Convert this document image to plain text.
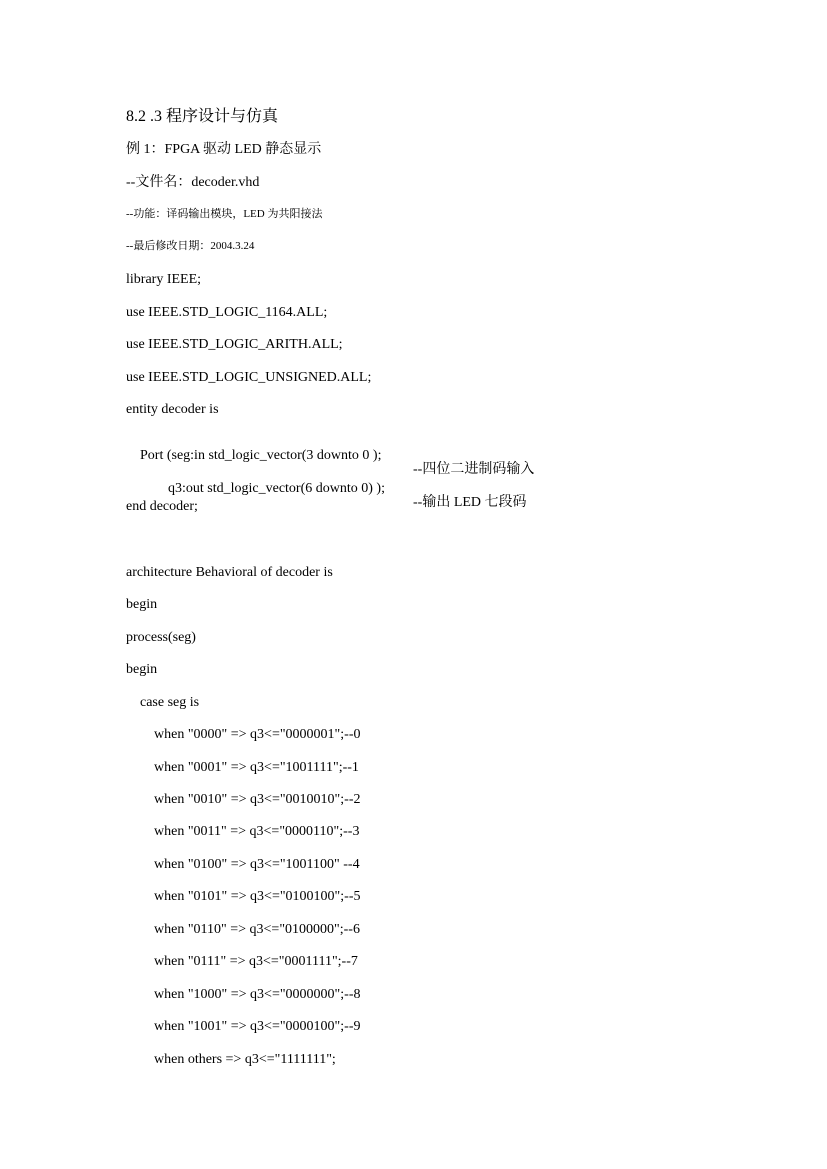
8.2 .3 程序设计与仿真
例 1：FPGA 驱动 LED 静态显示
--文件名：decoder.vhd
--功能：译码输出模块，LED 为共阳接法
--最后修改日期：2004.3.24
library IEEE;
use IEEE.STD_LOGIC_1164.ALL;
use IEEE.STD_LOGIC_ARITH.ALL;
use IEEE.STD_LOGIC_UNSIGNED.ALL;
entity decoder is

Port (seg:in std_logic_vector(3 downto 0 );

--四位二进制码输入

q3:out std_logic_vector(6 downto 0) );

--输出 LED 七段码

end decoder;
architecture Behavioral of decoder is
begin
process(seg)
begin
case seg is
when "0000" => q3<="0000001";--0
when "0001" => q3<="1001111";--1
when "0010" => q3<="0010010";--2
when "0011" => q3<="0000110";--3
when "0100" => q3<="1001100" --4
when "0101" => q3<="0100100";--5
when "0110" => q3<="0100000";--6
when "0111" => q3<="0001111";--7
when "1000" => q3<="0000000";--8
when "1001" => q3<="0000100";--9
when others => q3<="1111111";
